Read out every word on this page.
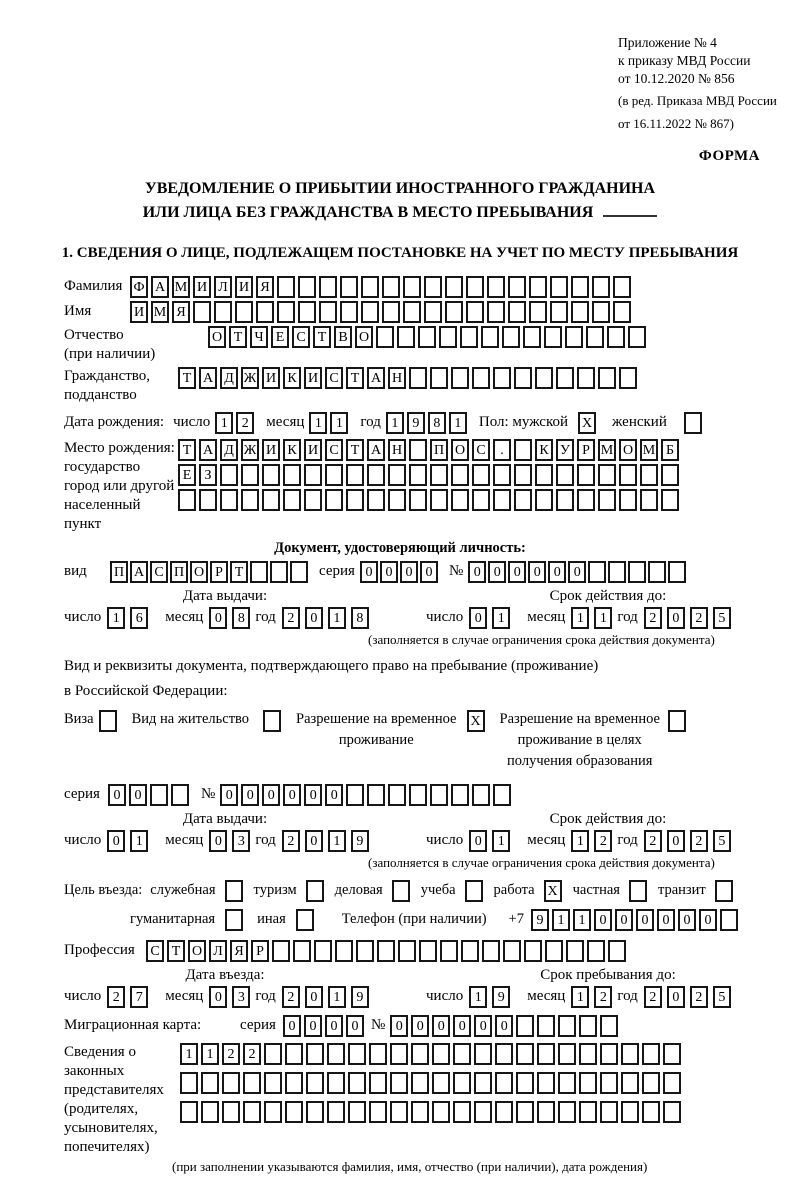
Приложение № 4
к приказу МВД России
от 10.12.2020 № 856
(в ред. Приказа МВД России
от 16.11.2022 № 867)
ФОРМА
УВЕДОМЛЕНИЕ О ПРИБЫТИИ ИНОСТРАННОГО ГРАЖДАНИНА
ИЛИ ЛИЦА БЕЗ ГРАЖДАНСТВА В МЕСТО ПРЕБЫВАНИЯ
1. СВЕДЕНИЯ О ЛИЦЕ, ПОДЛЕЖАЩЕМ ПОСТАНОВКЕ НА УЧЕТ ПО МЕСТУ ПРЕБЫВАНИЯ
Фамилия Ф А М И Л И Я
Имя	И М Я
Отчество
(при наличии)
О Т Ч Е С Т В О
Гражданство,
подданство
Т А Д Ж И К И С Т А Н
Дата рождения: число 1 2	месяц 1 1	год 1 9 8 1	Пол: мужской X женский
Место рождения:
государство
город или другой
населенный пункт
Т А Д Ж И К И С Т А Н П О С .	К У Р М О М Б
Е З
Документ, удостоверяющий личность:
вид	П А С П О Р Т	серия 0 0 0 0	№ 0 0 0 0 0 0
Дата выдачи:
число 1 6	месяц 0 8 год 2 0 1 8
Срок действия до:
число 0 1	месяц 1 1 год 2 0 2 5
(заполняется в случае ограничения срока действия документа)
Вид и реквизиты документа, подтверждающего право на пребывание (проживание)
в Российской Федерации:
Виза	Вид на жительство	Разрешение на временное
проживание
X Разрешение на временное
проживание в целях
получения образования
серия 0 0	№ 0 0 0 0 0 0
Дата выдачи:
число 0 1	месяц 0 3 год 2 0 1 9
Срок действия до:
число 0 1	месяц 1 2 год 2 0 2 5
(заполняется в случае ограничения срока действия документа)
Цель въезда: служебная	туризм	деловая	учеба	работа X частная	транзит
гуманитарная	иная	Телефон (при наличии) +7 9 1 1 0 0 0 0 0 0
Профессия	С Т О Л Я Р
Дата въезда:
число 2 7	месяц 0 3 год 2 0 1 9
Срок пребывания до:
число 1 9	месяц 1 2 год 2 0 2 5
Миграционная карта:	серия 0 0 0 0 № 0 0 0 0 0 0
Сведения о
законных
представителях
(родителях,
усыновителях,
попечителях)
1 1 2 2
(при заполнении указываются фамилия, имя, отчество (при наличии), дата рождения)
